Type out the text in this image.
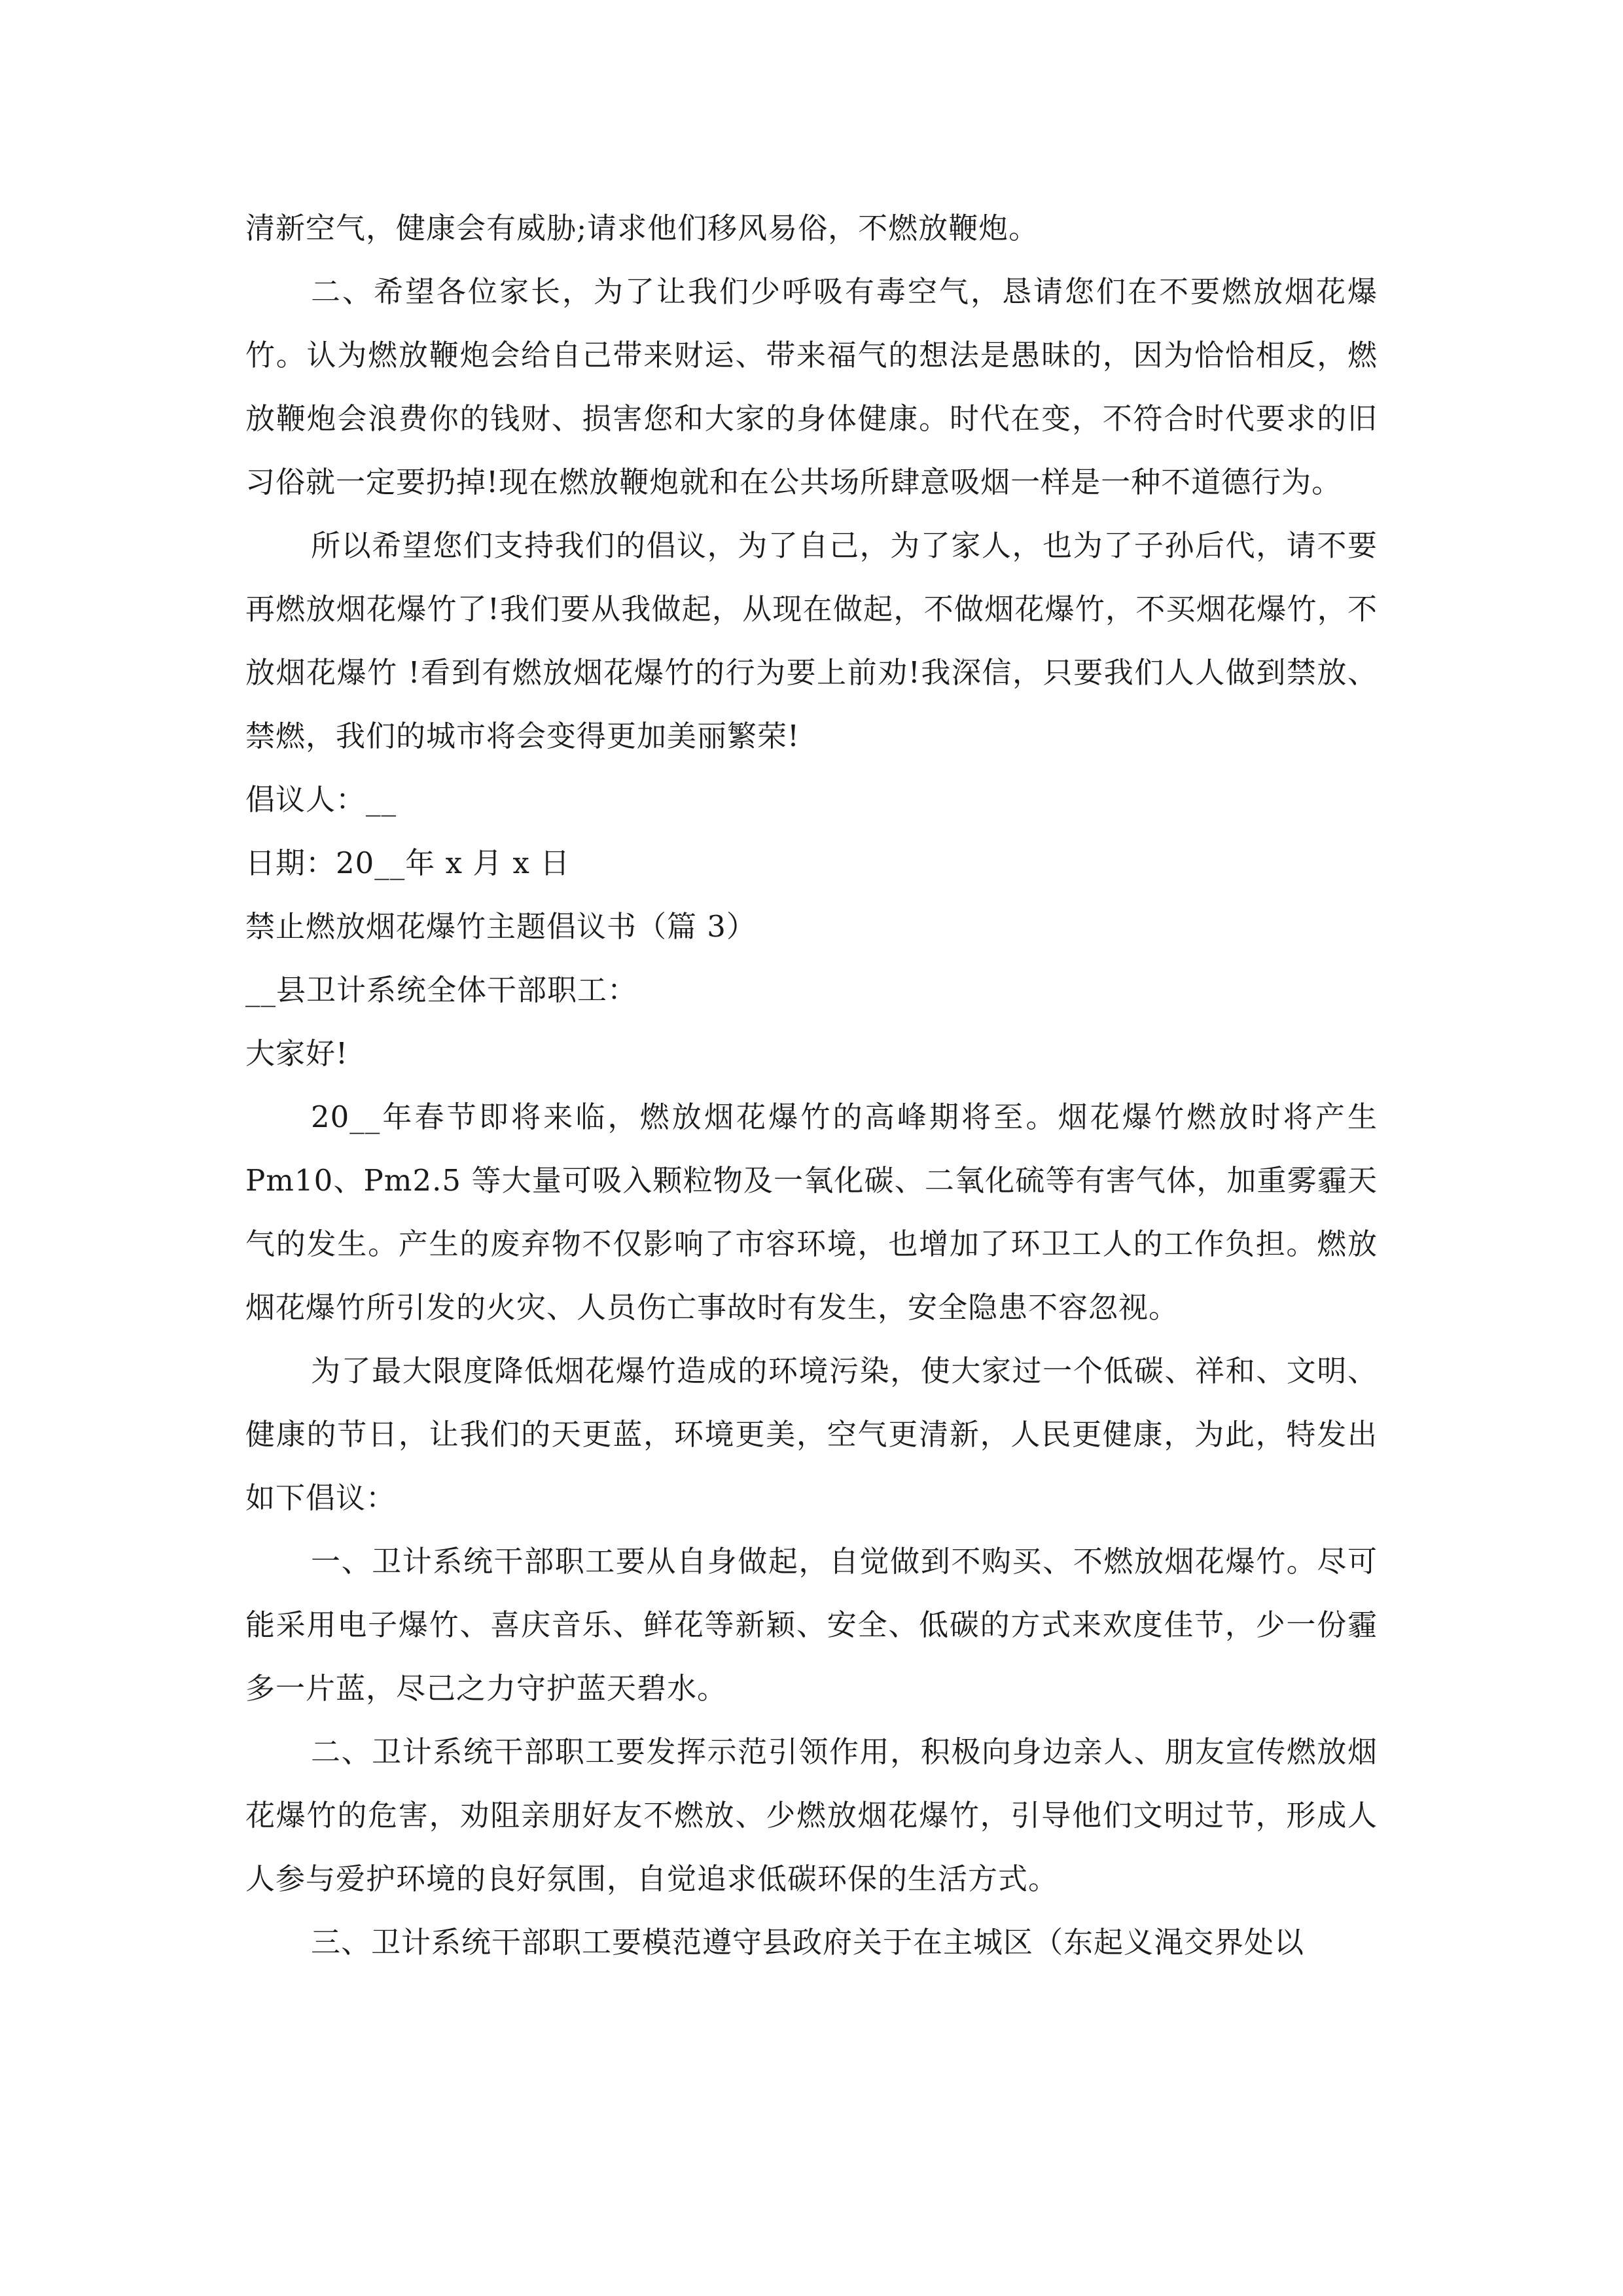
清新空气，健康会有威胁;请求他们移风易俗，不燃放鞭炮。

二、希望各位家长，为了让我们少呼吸有毒空气，恳请您们在不要燃放烟花爆竹。认为燃放鞭炮会给自己带来财运、带来福气的想法是愚昧的，因为恰恰相反，燃放鞭炮会浪费你的钱财、损害您和大家的身体健康。时代在变，不符合时代要求的旧习俗就一定要扔掉!现在燃放鞭炮就和在公共场所肆意吸烟一样是一种不道德行为。

所以希望您们支持我们的倡议，为了自己，为了家人，也为了子孙后代，请不要再燃放烟花爆竹了!我们要从我做起，从现在做起，不做烟花爆竹，不买烟花爆竹，不放烟花爆竹 !看到有燃放烟花爆竹的行为要上前劝!我深信，只要我们人人做到禁放、禁燃，我们的城市将会变得更加美丽繁荣!

倡议人：__

日期：20__年 x 月 x 日

禁止燃放烟花爆竹主题倡议书（篇 3）

__县卫计系统全体干部职工：

大家好!

20__年春节即将来临，燃放烟花爆竹的高峰期将至。烟花爆竹燃放时将产生 Pm10、Pm2.5 等大量可吸入颗粒物及一氧化碳、二氧化硫等有害气体，加重雾霾天气的发生。产生的废弃物不仅影响了市容环境，也增加了环卫工人的工作负担。燃放烟花爆竹所引发的火灾、人员伤亡事故时有发生，安全隐患不容忽视。

为了最大限度降低烟花爆竹造成的环境污染，使大家过一个低碳、祥和、文明、健康的节日，让我们的天更蓝，环境更美，空气更清新，人民更健康，为此，特发出如下倡议：

一、卫计系统干部职工要从自身做起，自觉做到不购买、不燃放烟花爆竹。尽可能采用电子爆竹、喜庆音乐、鲜花等新颖、安全、低碳的方式来欢度佳节，少一份霾多一片蓝，尽己之力守护蓝天碧水。

二、卫计系统干部职工要发挥示范引领作用，积极向身边亲人、朋友宣传燃放烟花爆竹的危害，劝阻亲朋好友不燃放、少燃放烟花爆竹，引导他们文明过节，形成人人参与爱护环境的良好氛围，自觉追求低碳环保的生活方式。

三、卫计系统干部职工要模范遵守县政府关于在主城区（东起义渑交界处以
